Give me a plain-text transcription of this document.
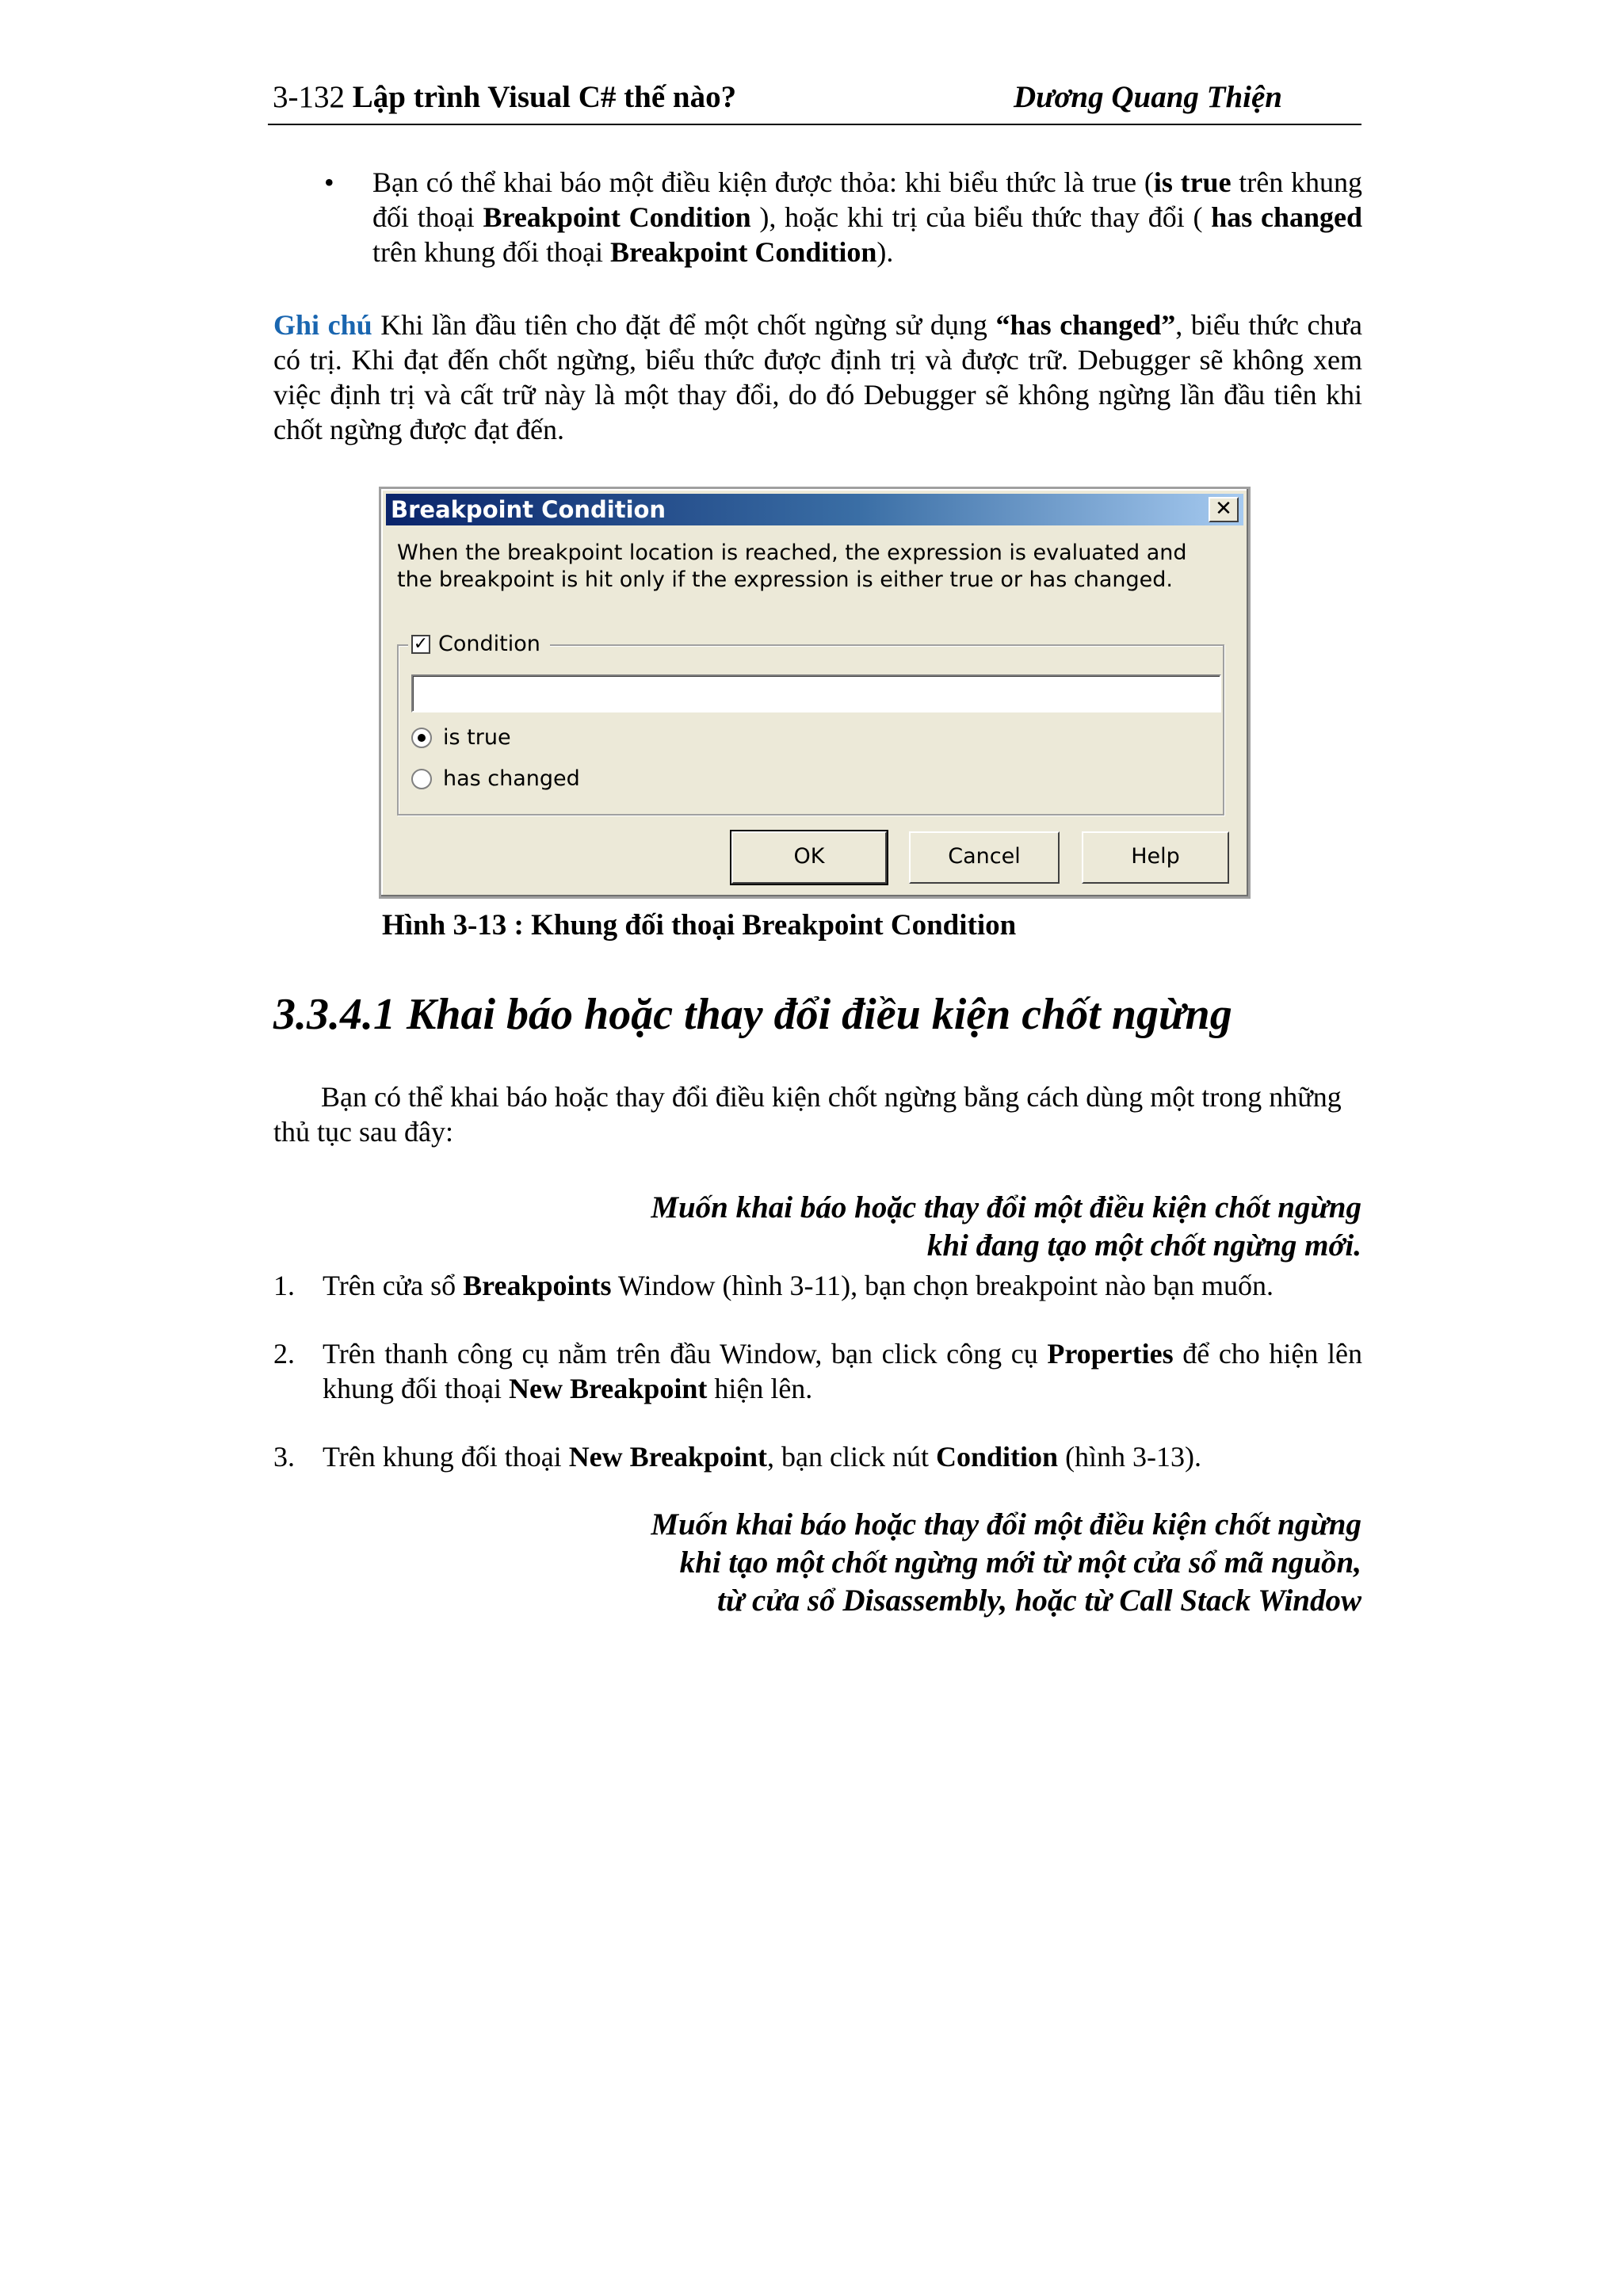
3-132 Lập trình Visual C# thế nào?	Dương Quang Thiện
• Bạn có thể khai báo một điều kiện được thỏa: khi biểu thức là true (is true trên khung đối thoại Breakpoint Condition ), hoặc khi trị của biểu thức thay đổi ( has changed trên khung đối thoại Breakpoint Condition).
Ghi chú Khi lần đầu tiên cho đặt để một chốt ngừng sử dụng “has changed”, biểu thức chưa có trị. Khi đạt đến chốt ngừng, biểu thức được định trị và được trữ. Debugger sẽ không xem việc định trị và cất trữ này là một thay đổi, do đó Debugger sẽ không ngừng lần đầu tiên khi chốt ngừng được đạt đến.
Breakpoint Condition	✕
When the breakpoint location is reached, the expression is evaluated and the breakpoint is hit only if the expression is either true or has changed.
✓ Condition
is true
has changed
OK	Cancel	Help
Hình 3-13 : Khung đối thoại Breakpoint Condition
3.3.4.1 Khai báo hoặc thay đổi điều kiện chốt ngừng
Bạn có thể khai báo hoặc thay đổi điều kiện chốt ngừng bằng cách dùng một trong những thủ tục sau đây:
Muốn khai báo hoặc thay đổi một điều kiện chốt ngừng
khi đang tạo một chốt ngừng mới.
1. Trên cửa sổ Breakpoints Window (hình 3-11), bạn chọn breakpoint nào bạn muốn.
2. Trên thanh công cụ nằm trên đầu Window, bạn click công cụ Properties để cho hiện lên khung đối thoại New Breakpoint hiện lên.
3. Trên khung đối thoại New Breakpoint, bạn click nút Condition (hình 3-13).
Muốn khai báo hoặc thay đổi một điều kiện chốt ngừng
khi tạo một chốt ngừng mới từ một cửa sổ mã nguồn,
từ cửa sổ Disassembly, hoặc từ Call Stack Window
